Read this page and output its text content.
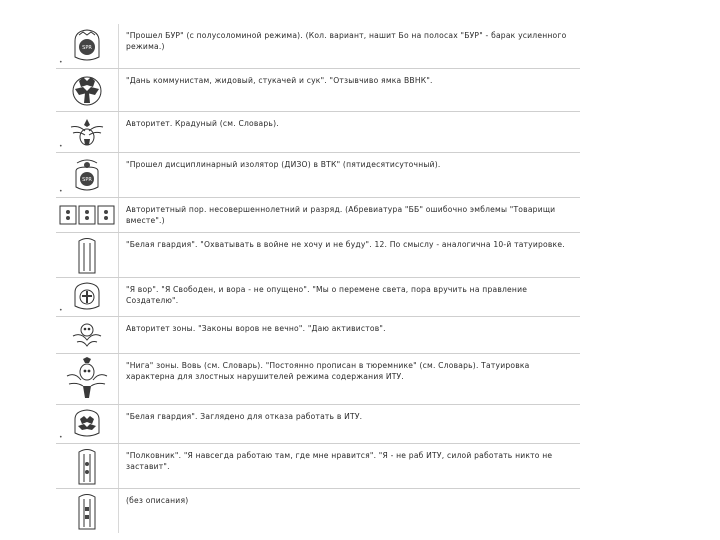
•
SPR
"Прошел БУР" (с полусоломиной режима). (Кол. вариант, нашит Бо на полосах "БУР" - барак усиленного режима.)
"Дань коммунистам, жидовый, стукачей и сук". "Отзывчиво ямка ВВНК".
•
Авторитет. Крадуный (см. Словарь).
•
SPR
"Прошел дисциплинарный изолятор (ДИЗО) в ВТК" (пятидесятисуточный).
Авторитетный пор. несовершеннолетний и разряд. (Абревиатура "ББ" ошибочно эмблемы "Товарищи вместе".)
"Белая гвардия". "Охватывать в войне не хочу и не буду". 12. По смыслу - аналогична 10-й татуировке.
•
"Я вор". "Я Свободен, и вора - не опущено". "Мы о перемене света, пора вручить на правление Создателю".
Авторитет зоны. "Законы воров не вечно". "Даю активистов".
"Нига" зоны. Вовь (см. Словарь). "Постоянно прописан в тюремнике" (см. Словарь). Татуировка характерна для злостных нарушителей режима содержания ИТУ.
•
"Белая гвардия". Заглядено для отказа работать в ИТУ.
"Полковник". "Я навсегда работаю там, где мне нравится". "Я - не раб ИТУ, силой работать никто не заставит".
(без описания)
